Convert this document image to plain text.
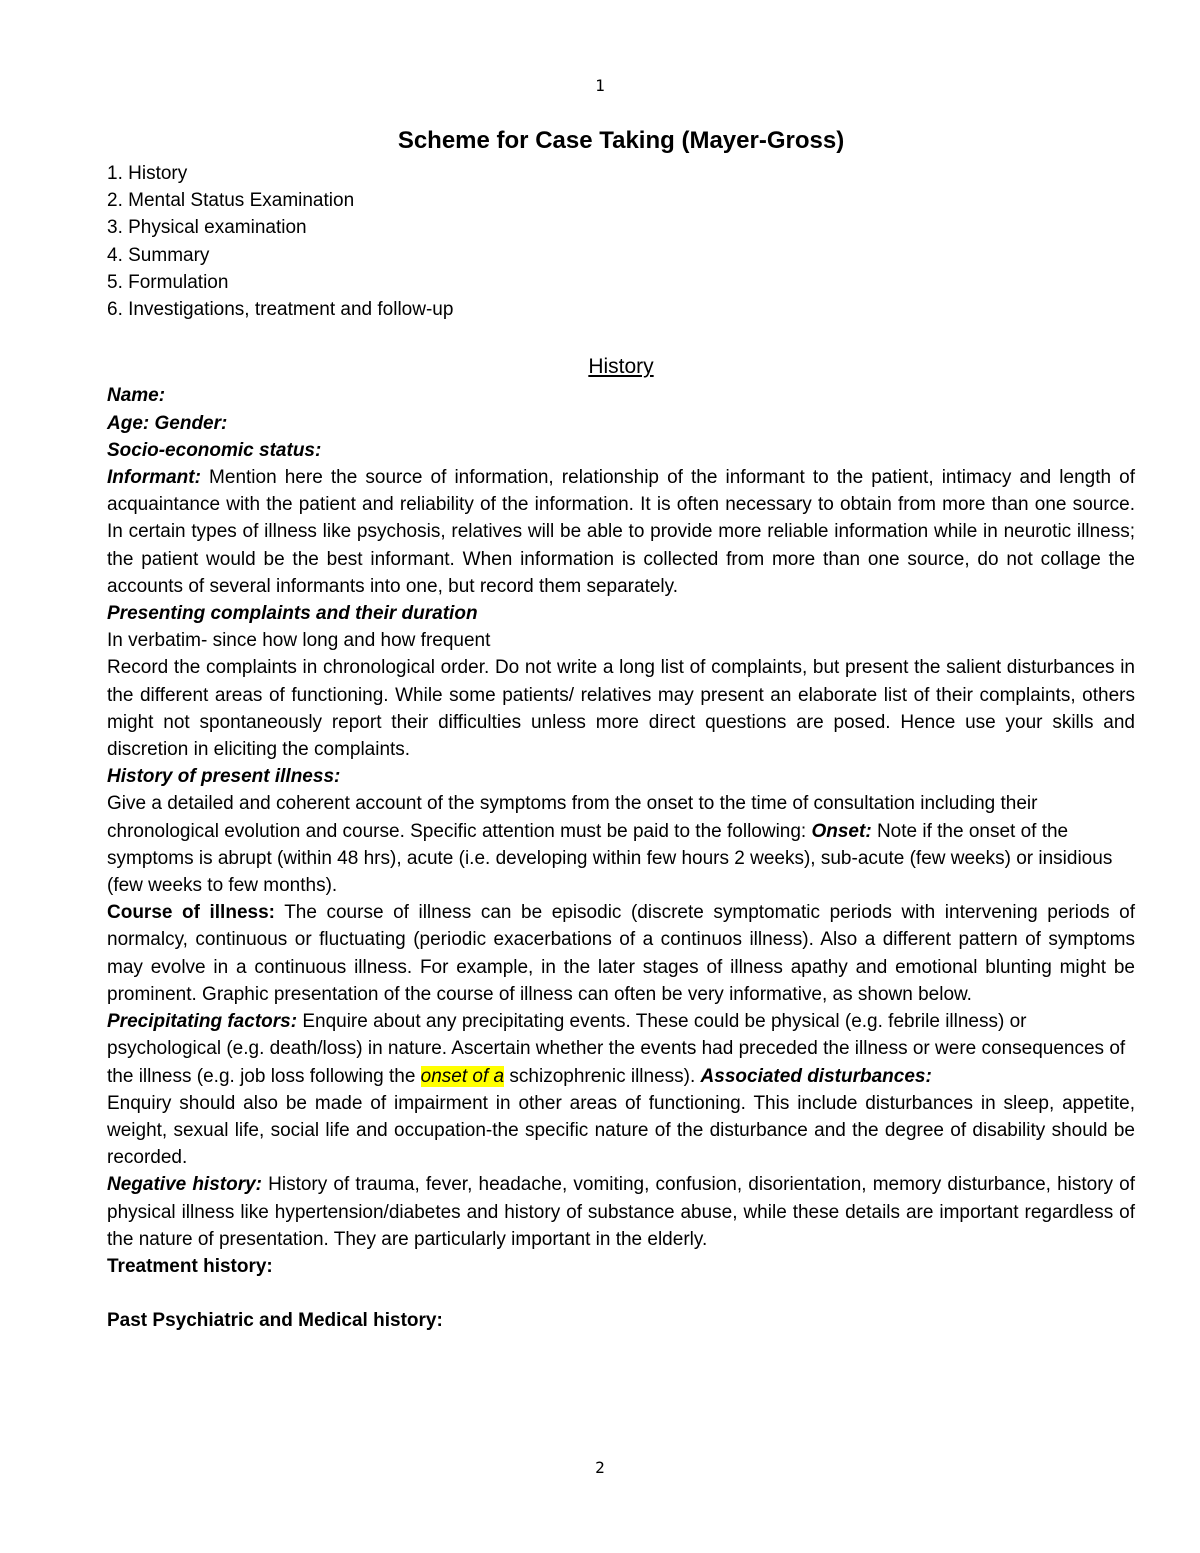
1
Scheme for Case Taking (Mayer-Gross)
1. History
2. Mental Status Examination
3. Physical examination
4. Summary
5. Formulation
6. Investigations, treatment and follow-up
History
Name:
Age: Gender:
Socio-economic status:

Informant: Mention here the source of information, relationship of the informant to the patient, intimacy and length of acquaintance with the patient and reliability of the information. It is often necessary to obtain from more than one source. In certain types of illness like psychosis, relatives will be able to provide more reliable information while in neurotic illness; the patient would be the best informant. When information is collected from more than one source, do not collage the accounts of several informants into one, but record them separately.

Presenting complaints and their duration
In verbatim- since how long and how frequent

Record the complaints in chronological order. Do not write a long list of complaints, but present the salient disturbances in the different areas of functioning. While some patients/ relatives may present an elaborate list of their complaints, others might not spontaneously report their difficulties unless more direct questions are posed. Hence use your skills and discretion in eliciting the complaints.

History of present illness:

Give a detailed and coherent account of the symptoms from the onset to the time of consultation including their chronological evolution and course. Specific attention must be paid to the following: Onset: Note if the onset of the symptoms is abrupt (within 48 hrs), acute (i.e. developing within few hours 2 weeks), sub-acute (few weeks) or insidious (few weeks to few months).

Course of illness: The course of illness can be episodic (discrete symptomatic periods with intervening periods of normalcy, continuous or fluctuating (periodic exacerbations of a continuos illness). Also a different pattern of symptoms may evolve in a continuous illness. For example, in the later stages of illness apathy and emotional blunting might be prominent. Graphic presentation of the course of illness can often be very informative, as shown below.

Precipitating factors: Enquire about any precipitating events. These could be physical (e.g. febrile illness) or psychological (e.g. death/loss) in nature. Ascertain whether the events had preceded the illness or were consequences of the illness (e.g. job loss following the onset of a schizophrenic illness). Associated disturbances:

Enquiry should also be made of impairment in other areas of functioning. This include disturbances in sleep, appetite, weight, sexual life, social life and occupation-the specific nature of the disturbance and the degree of disability should be recorded.

Negative history: History of trauma, fever, headache, vomiting, confusion, disorientation, memory disturbance, history of physical illness like hypertension/diabetes and history of substance abuse, while these details are important regardless of the nature of presentation. They are particularly important in the elderly.

Treatment history:
Past Psychiatric and Medical history:
2
